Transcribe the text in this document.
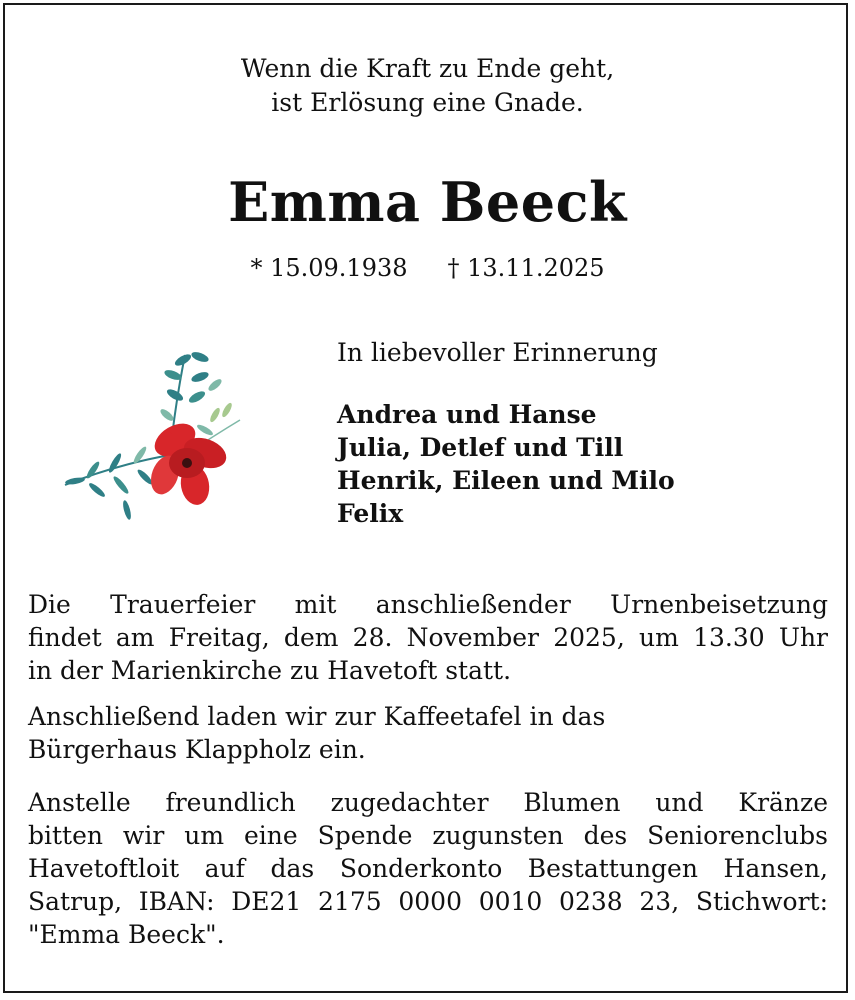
Wenn die Kraft zu Ende geht,
ist Erlösung eine Gnade.
Emma Beeck
* 15.09.1938 † 13.11.2025
In liebevoller Erinnerung
Andrea und Hanse
Julia, Detlef und Till
Henrik, Eileen und Milo
Felix
Die Trauerfeier mit anschließender Urnenbeisetzung
findet am Freitag, dem 28. November 2025, um 13.30 Uhr
in der Marienkirche zu Havetoft statt.
Anschließend laden wir zur Kaffeetafel in das
Bürgerhaus Klappholz ein.
Anstelle freundlich zugedachter Blumen und Kränze
bitten wir um eine Spende zugunsten des Seniorenclubs
Havetoftloit auf das Sonderkonto Bestattungen Hansen,
Satrup, IBAN: DE21 2175 0000 0010 0238 23, Stichwort:
"Emma Beeck".
